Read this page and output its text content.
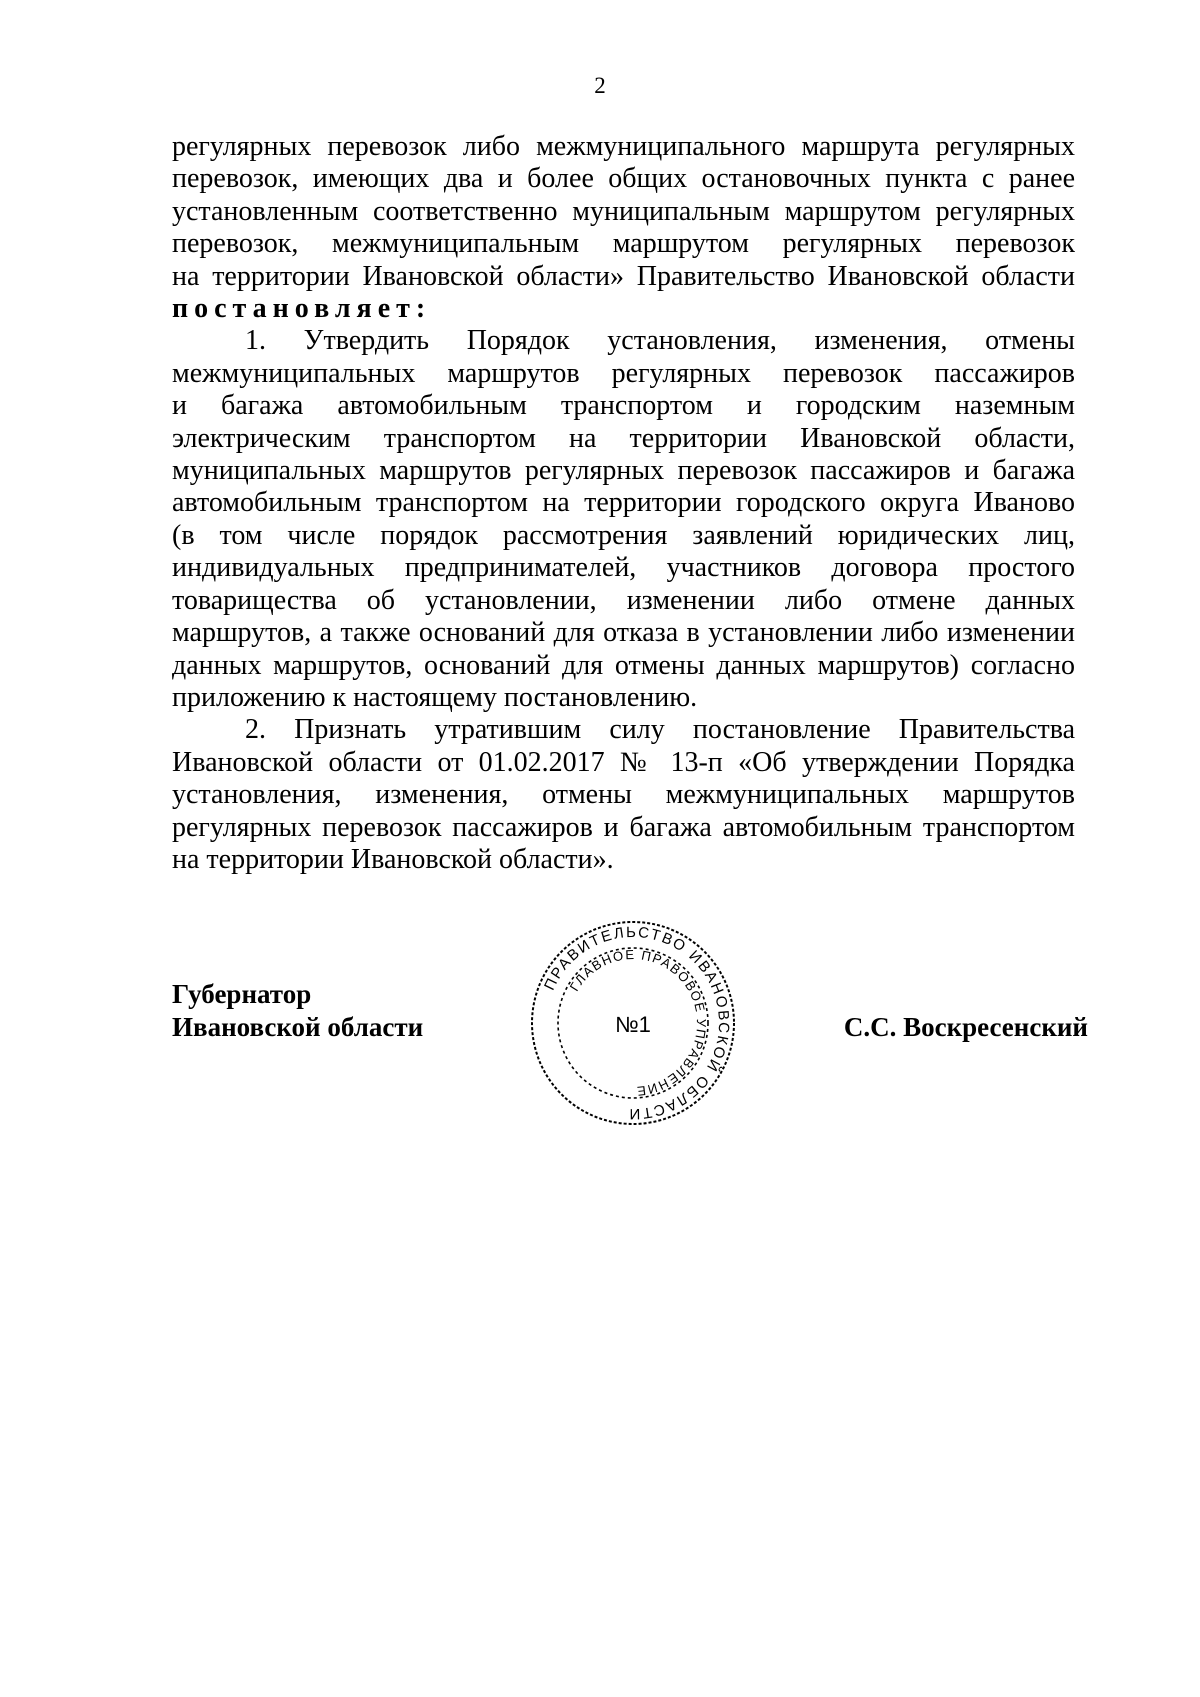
2

регулярных перевозок либо межмуниципального маршрута регулярных

перевозок, имеющих два и более общих остановочных пункта с ранее

установленным соответственно муниципальным маршрутом регулярных

перевозок, межмуниципальным маршрутом регулярных перевозок

на территории Ивановской области» Правительство Ивановской области

постановляет:

1. Утвердить Порядок установления, изменения, отмены

межмуниципальных маршрутов регулярных перевозок пассажиров

и багажа автомобильным транспортом и городским наземным

электрическим транспортом на территории Ивановской области,

муниципальных маршрутов регулярных перевозок пассажиров и багажа

автомобильным транспортом на территории городского округа Иваново

(в том числе порядок рассмотрения заявлений юридических лиц,

индивидуальных предпринимателей, участников договора простого

товарищества об установлении, изменении либо отмене данных

маршрутов, а также оснований для отказа в установлении либо изменении

данных маршрутов, оснований для отмены данных маршрутов) согласно

приложению к настоящему постановлению.

2. Признать утратившим силу постановление Правительства

Ивановской области от 01.02.2017 № 13-п «Об утверждении Порядка

установления, изменения, отмены межмуниципальных маршрутов

регулярных перевозок пассажиров и багажа автомобильным транспортом

на территории Ивановской области».

Губернатор
Ивановской области	С.С. Воскресенский
ПРАВИТЕЛЬСТВО ИВАНОВСКОЙ ОБЛАСТИ
ГЛАВНОЕ ПРАВОВОЕ УПРАВЛЕНИЕ
№1
